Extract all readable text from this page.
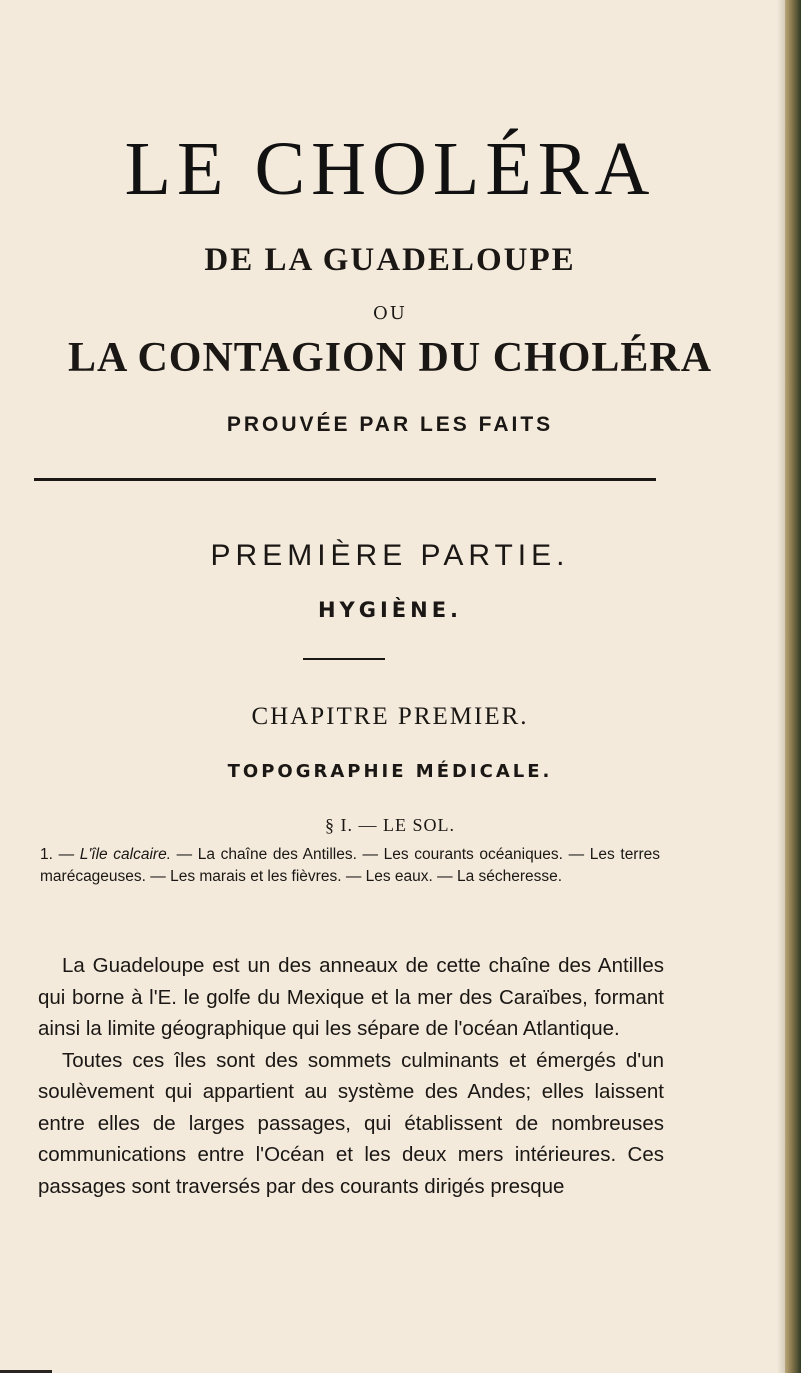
LE CHOLÉRA
DE LA GUADELOUPE
OU
LA CONTAGION DU CHOLÉRA
PROUVÉE PAR LES FAITS
PREMIÈRE PARTIE.
HYGIÈNE.
CHAPITRE PREMIER.
TOPOGRAPHIE MÉDICALE.
§ I. — LE SOL.

1. — L'île calcaire. — La chaîne des Antilles. — Les courants océaniques. — Les terres marécageuses. — Les marais et les fièvres. — Les eaux. — La sécheresse.

La Guadeloupe est un des anneaux de cette chaîne des Antilles qui borne à l'E. le golfe du Mexique et la mer des Caraïbes, formant ainsi la limite géographique qui les sépare de l'océan Atlantique.

Toutes ces îles sont des sommets culminants et émergés d'un soulèvement qui appartient au système des Andes; elles laissent entre elles de larges passages, qui établissent de nombreuses communications entre l'Océan et les deux mers intérieures. Ces passages sont traversés par des courants dirigés presque
